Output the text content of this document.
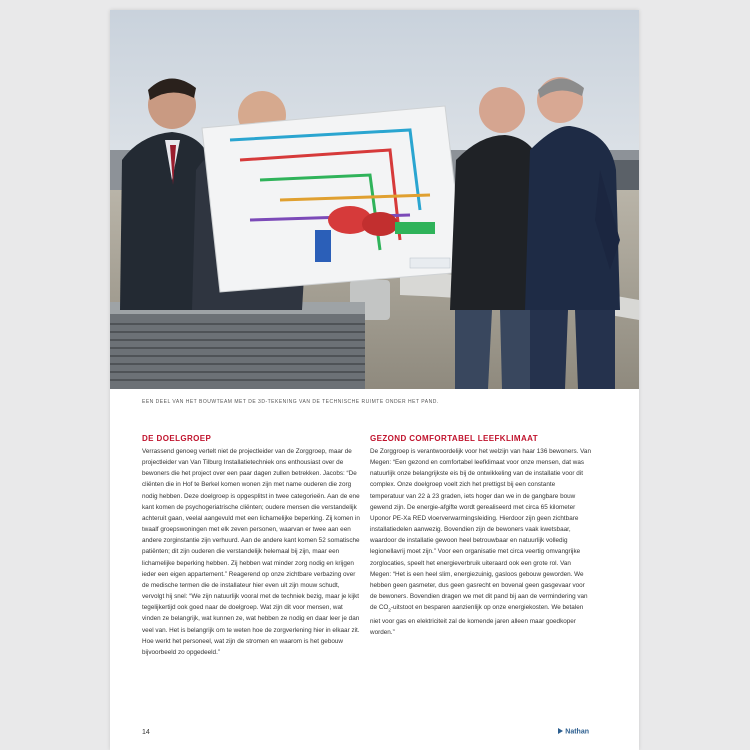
EEN DEEL VAN HET BOUWTEAM MET DE 3D-TEKENING VAN DE TECHNISCHE RUIMTE ONDER HET PAND.
DE DOELGROEP

Verrassend genoeg vertelt niet de projectleider van de Zorggroep, maar de projectleider van Van Tilburg Installatietechniek ons enthousiast over de bewoners die het project over een paar dagen zullen betrekken. Jacobs: “De cliënten die in Hof te Berkel komen wonen zijn met name ouderen die zorg nodig hebben. Deze doelgroep is opgesplitst in twee categorieën. Aan de ene kant komen de psychogeriatrische cliënten; oudere mensen die verstandelijk achteruit gaan, veelal aangevuld met een lichamelijke beperking. Zij komen in twaalf groepswoningen met elk zeven personen, waarvan er twee aan een andere zorginstantie zijn verhuurd. Aan de andere kant komen 52 somatische patiënten; dit zijn ouderen die verstandelijk helemaal bij zijn, maar een lichamelijke beperking hebben. Zij hebben wat minder zorg nodig en krijgen ieder een eigen appartement.” Reagerend op onze zichtbare verbazing over de medische termen die de installateur hier even uit zijn mouw schudt, vervolgt hij snel: “We zijn natuurlijk vooral met de techniek bezig, maar je kijkt tegelijkertijd ook goed naar de doelgroep. Wat zijn dit voor mensen, wat vinden ze belangrijk, wat kunnen ze, wat hebben ze nodig en daar leer je dan veel van. Het is belangrijk om te weten hoe de zorgverlening hier in elkaar zit. Hoe werkt het personeel, wat zijn de stromen en waarom is het gebouw bijvoorbeeld zo opgedeeld.”

GEZOND COMFORTABEL LEEFKLIMAAT

De Zorggroep is verantwoordelijk voor het welzijn van haar 136 bewoners. Van Megen: “Een gezond en comfortabel leefklimaat voor onze mensen, dat was natuurlijk onze belangrijkste eis bij de ontwikkeling van de installatie voor dit complex. Onze doelgroep voelt zich het prettigst bij een constante temperatuur van 22 à 23 graden, iets hoger dan we in de gangbare bouw gewend zijn. De energie-afgifte wordt gerealiseerd met circa 65 kilometer Uponor PE-Xa RED vloerverwarmingsleiding. Hierdoor zijn geen zichtbare installatiedelen aanwezig. Bovendien zijn de bewoners vaak kwetsbaar, waardoor de installatie gewoon heel betrouwbaar en natuurlijk volledig legionellavrij moet zijn.” Voor een organisatie met circa veertig omvangrijke zorglocaties, speelt het energieverbruik uiteraard ook een grote rol. Van Megen: “Het is een heel slim, energiezuinig, gasloos gebouw geworden. We hebben geen gasmeter, dus geen gasrecht en bovenal geen gasgevaar voor de bewoners. Bovendien dragen we met dit pand bij aan de vermindering van de $CO_2$-uitstoot en besparen aanzienlijk op onze energiekosten. We betalen niet voor gas en elektriciteit zal de komende jaren alleen maar goedkoper worden.”

14	Nathan
